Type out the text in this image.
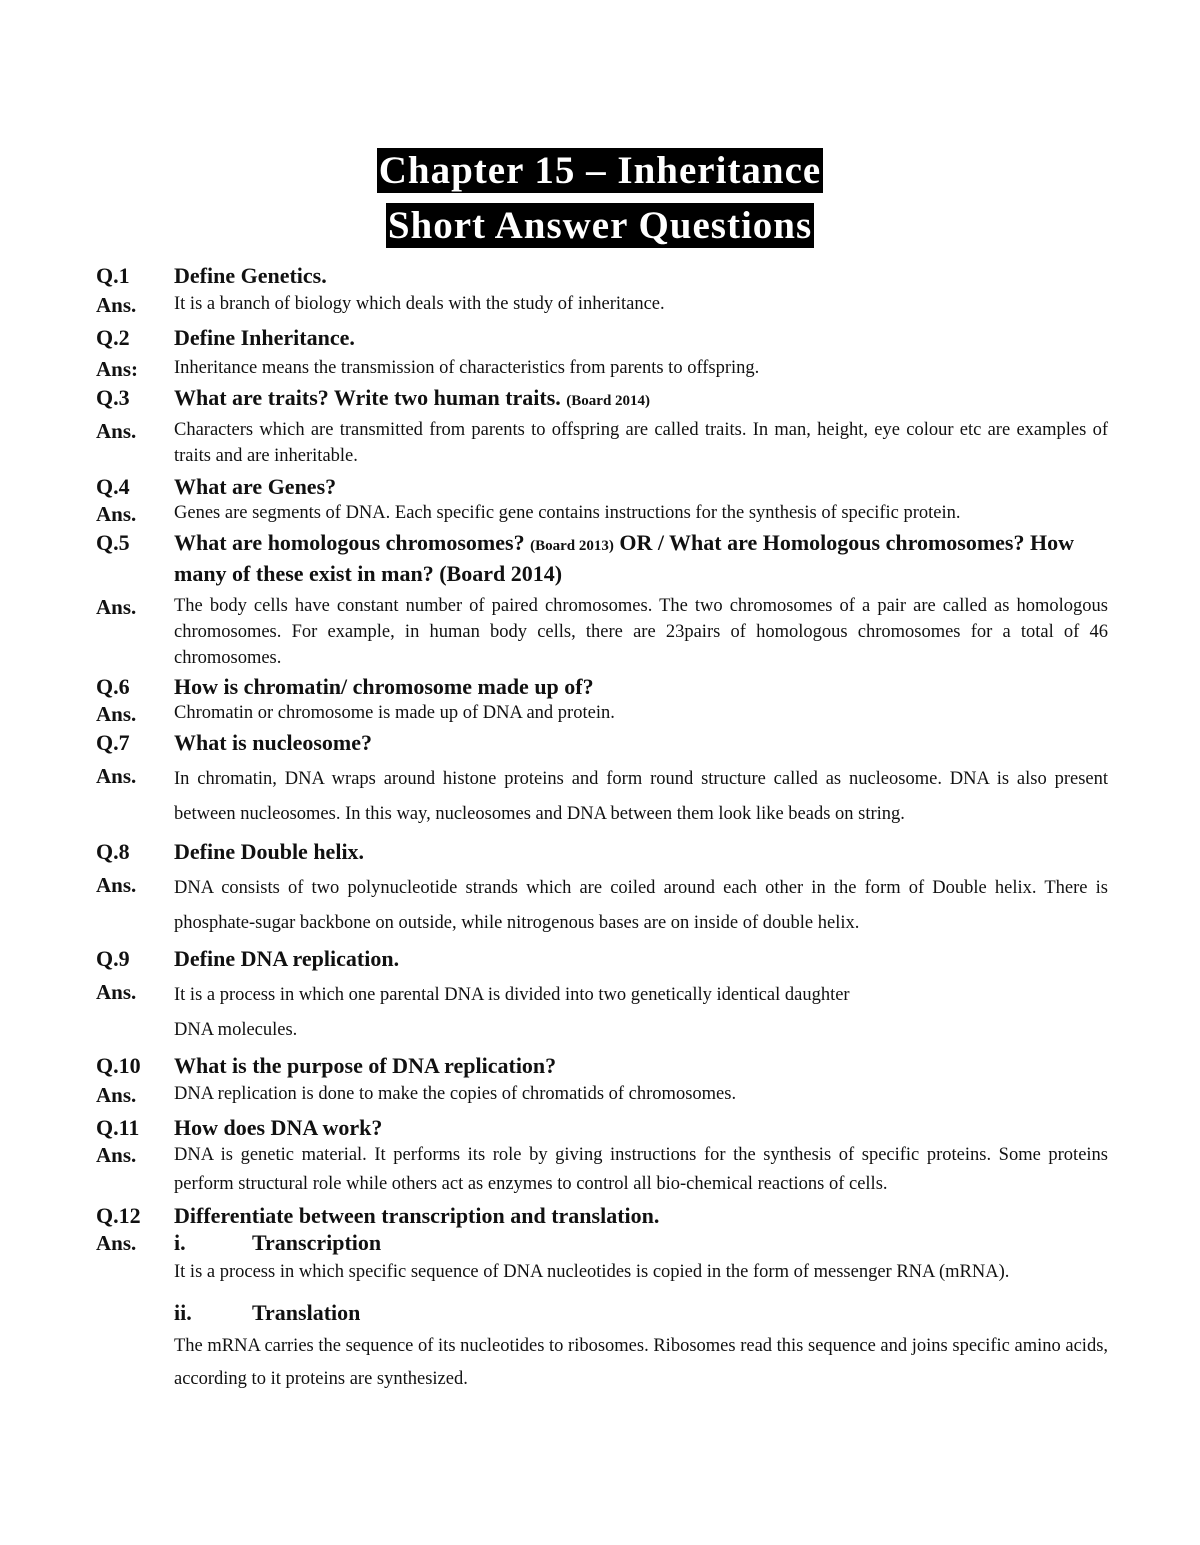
Chapter 15 – Inheritance
Short Answer Questions
Q.1	Define Genetics.
Ans.	It is a branch of biology which deals with the study of inheritance.
Q.2	Define Inheritance.
Ans:	Inheritance means the transmission of characteristics from parents to offspring.
Q.3	What are traits? Write two human traits. (Board 2014)
Ans.	Characters which are transmitted from parents to offspring are called traits. In man, height, eye colour etc are examples of traits and are inheritable.
Q.4	What are Genes?
Ans.	Genes are segments of DNA. Each specific gene contains instructions for the synthesis of specific protein.
Q.5	What are homologous chromosomes? (Board 2013) OR / What are Homologous chromosomes? How many of these exist in man? (Board 2014)
Ans.	The body cells have constant number of paired chromosomes. The two chromosomes of a pair are called as homologous chromosomes. For example, in human body cells, there are 23pairs of homologous chromosomes for a total of 46 chromosomes.
Q.6	How is chromatin/ chromosome made up of?
Ans.	Chromatin or chromosome is made up of DNA and protein.
Q.7	What is nucleosome?
Ans.	In chromatin, DNA wraps around histone proteins and form round structure called as nucleosome. DNA is also present between nucleosomes. In this way, nucleosomes and DNA between them look like beads on string.
Q.8	Define Double helix.
Ans.	DNA consists of two polynucleotide strands which are coiled around each other in the form of Double helix. There is phosphate-sugar backbone on outside, while nitrogenous bases are on inside of double helix.
Q.9	Define DNA replication.
Ans.	It is a process in which one parental DNA is divided into two genetically identical daughter
DNA molecules.
Q.10	What is the purpose of DNA replication?
Ans.	DNA replication is done to make the copies of chromatids of chromosomes.
Q.11	How does DNA work?
Ans.	DNA is genetic material. It performs its role by giving instructions for the synthesis of specific proteins. Some proteins perform structural role while others act as enzymes to control all bio-chemical reactions of cells.
Q.12	Differentiate between transcription and translation.
Ans.	i.	Transcription
It is a process in which specific sequence of DNA nucleotides is copied in the form of messenger RNA (mRNA).
ii.	Translation
The mRNA carries the sequence of its nucleotides to ribosomes. Ribosomes read this sequence and joins specific amino acids, according to it proteins are synthesized.
